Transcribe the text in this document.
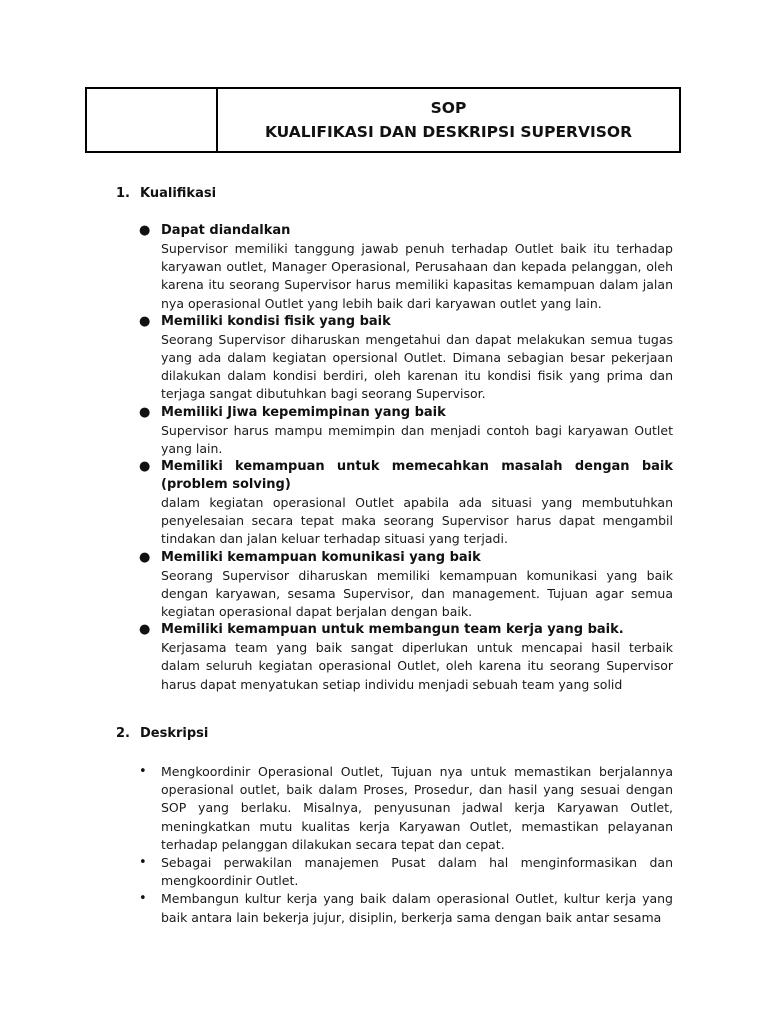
SOP
KUALIFIKASI DAN DESKRIPSI SUPERVISOR
1. Kualifikasi
● Dapat diandalkan
Supervisor memiliki tanggung jawab penuh terhadap Outlet baik itu terhadap karyawan outlet, Manager Operasional, Perusahaan dan kepada pelanggan, oleh karena itu seorang Supervisor harus memiliki kapasitas kemampuan dalam jalan nya operasional Outlet yang lebih baik dari karyawan outlet yang lain.
● Memiliki kondisi fisik yang baik
Seorang Supervisor diharuskan mengetahui dan dapat melakukan semua tugas yang ada dalam kegiatan opersional Outlet. Dimana sebagian besar pekerjaan dilakukan dalam kondisi berdiri, oleh karenan itu kondisi fisik yang prima dan terjaga sangat dibutuhkan bagi seorang Supervisor.
● Memiliki Jiwa kepemimpinan yang baik
Supervisor harus mampu memimpin dan menjadi contoh bagi karyawan Outlet yang lain.
● Memiliki kemampuan untuk memecahkan masalah dengan baik (problem solving)
dalam kegiatan operasional Outlet apabila ada situasi yang membutuhkan penyelesaian secara tepat maka seorang Supervisor harus dapat mengambil tindakan dan jalan keluar terhadap situasi yang terjadi.
● Memiliki kemampuan komunikasi yang baik
Seorang Supervisor diharuskan memiliki kemampuan komunikasi yang baik dengan karyawan, sesama Supervisor, dan management. Tujuan agar semua kegiatan operasional dapat berjalan dengan baik.
● Memiliki kemampuan untuk membangun team kerja yang baik.
Kerjasama team yang baik sangat diperlukan untuk mencapai hasil terbaik dalam seluruh kegiatan operasional Outlet, oleh karena itu seorang Supervisor harus dapat menyatukan setiap individu menjadi sebuah team yang solid
2. Deskripsi
• Mengkoordinir Operasional Outlet, Tujuan nya untuk memastikan berjalannya operasional outlet, baik dalam Proses, Prosedur, dan hasil yang sesuai dengan SOP yang berlaku. Misalnya, penyusunan jadwal kerja Karyawan Outlet, meningkatkan mutu kualitas kerja Karyawan Outlet, memastikan pelayanan terhadap pelanggan dilakukan secara tepat dan cepat.
• Sebagai perwakilan manajemen Pusat dalam hal menginformasikan dan mengkoordinir Outlet.
• Membangun kultur kerja yang baik dalam operasional Outlet, kultur kerja yang baik antara lain bekerja jujur, disiplin, berkerja sama dengan baik antar sesama
